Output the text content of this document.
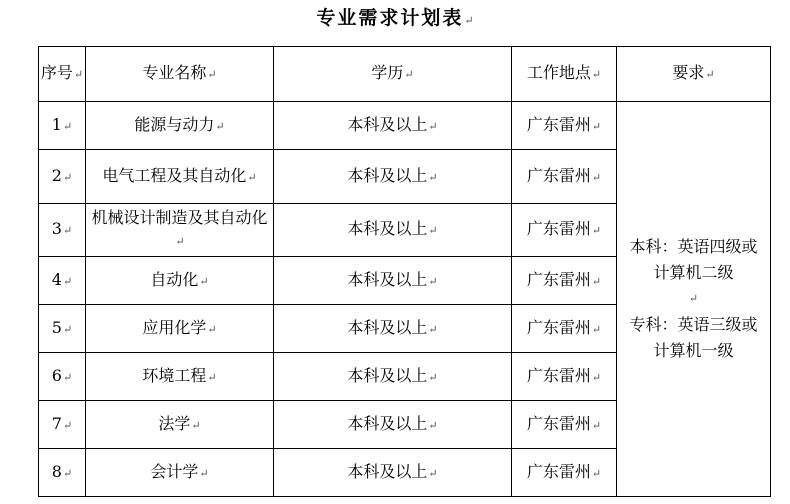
专业需求计划表↵
序号↵	专业名称↵	学历↵	工作地点↵	要求↵
1↵	能源与动力↵	本科及以上↵	广东雷州↵	本科：英语四级或计算机二级
↵
专科：英语三级或计算机一级

2↵	电气工程及其自动化↵	本科及以上↵	广东雷州↵	
3↵	机械设计制造及其自动化↵	本科及以上↵	广东雷州↵	
4↵	自动化↵	本科及以上↵	广东雷州↵	
5↵	应用化学↵	本科及以上↵	广东雷州↵	
6↵	环境工程↵	本科及以上↵	广东雷州↵	
7↵	法学↵	本科及以上↵	广东雷州↵	
8↵	会计学↵	本科及以上↵	广东雷州↵	
